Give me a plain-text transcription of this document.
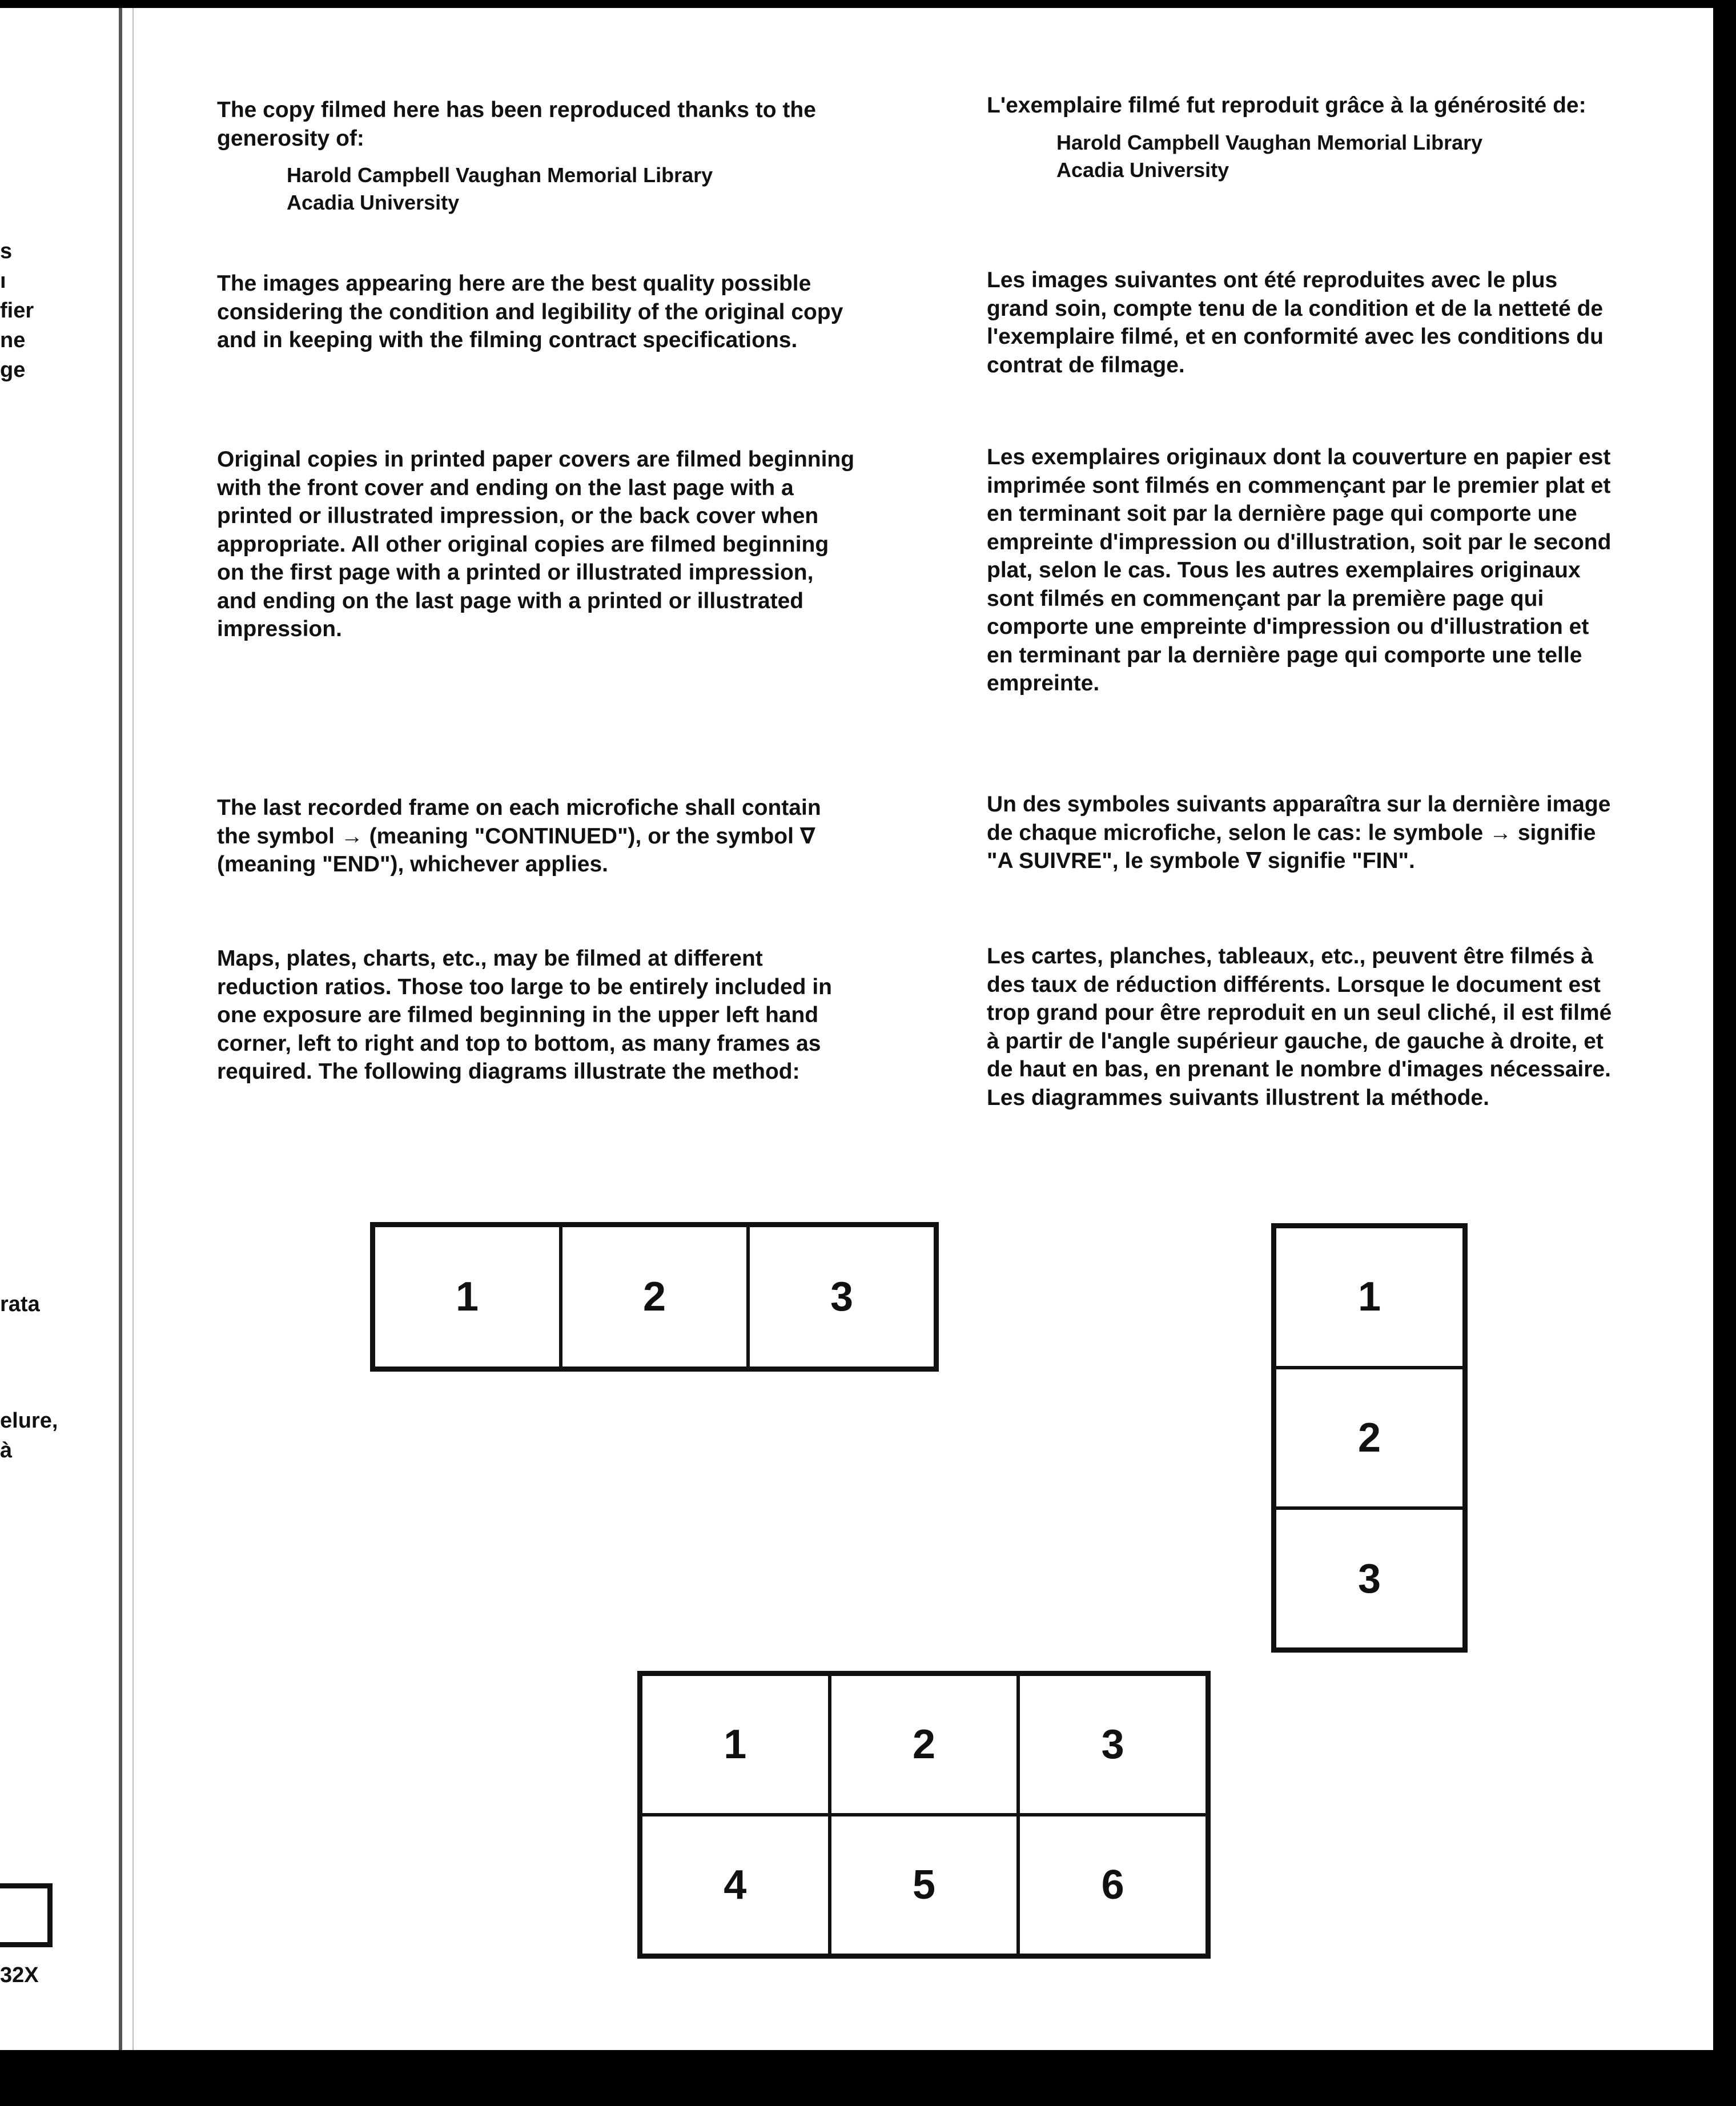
s
ı
fier
ne
ge
rata
elure,
à
32X

The copy filmed here has been reproduced thanks to the generosity of:

Harold Campbell Vaughan Memorial Library

Acadia University

The images appearing here are the best quality possible considering the condition and legibility of the original copy and in keeping with the filming contract specifications.

Original copies in printed paper covers are filmed beginning with the front cover and ending on the last page with a printed or illustrated impression, or the back cover when appropriate. All other original copies are filmed beginning on the first page with a printed or illustrated impression, and ending on the last page with a printed or illustrated impression.

The last recorded frame on each microfiche shall contain the symbol → (meaning "CONTINUED"), or the symbol ∇ (meaning "END"), whichever applies.

Maps, plates, charts, etc., may be filmed at different reduction ratios. Those too large to be entirely included in one exposure are filmed beginning in the upper left hand corner, left to right and top to bottom, as many frames as required. The following diagrams illustrate the method:

L'exemplaire filmé fut reproduit grâce à la générosité de:

Harold Campbell Vaughan Memorial Library

Acadia University

Les images suivantes ont été reproduites avec le plus grand soin, compte tenu de la condition et de la netteté de l'exemplaire filmé, et en conformité avec les conditions du contrat de filmage.

Les exemplaires originaux dont la couverture en papier est imprimée sont filmés en commençant par le premier plat et en terminant soit par la dernière page qui comporte une empreinte d'impression ou d'illustration, soit par le second plat, selon le cas. Tous les autres exemplaires originaux sont filmés en commençant par la première page qui comporte une empreinte d'impression ou d'illustration et en terminant par la dernière page qui comporte une telle empreinte.

Un des symboles suivants apparaîtra sur la dernière image de chaque microfiche, selon le cas: le symbole → signifie "A SUIVRE", le symbole ∇ signifie "FIN".

Les cartes, planches, tableaux, etc., peuvent être filmés à des taux de réduction différents. Lorsque le document est trop grand pour être reproduit en un seul cliché, il est filmé à partir de l'angle supérieur gauche, de gauche à droite, et de haut en bas, en prenant le nombre d'images nécessaire. Les diagrammes suivants illustrent la méthode.

1	2	3	1
2
3
1	2	3
4	5	6
